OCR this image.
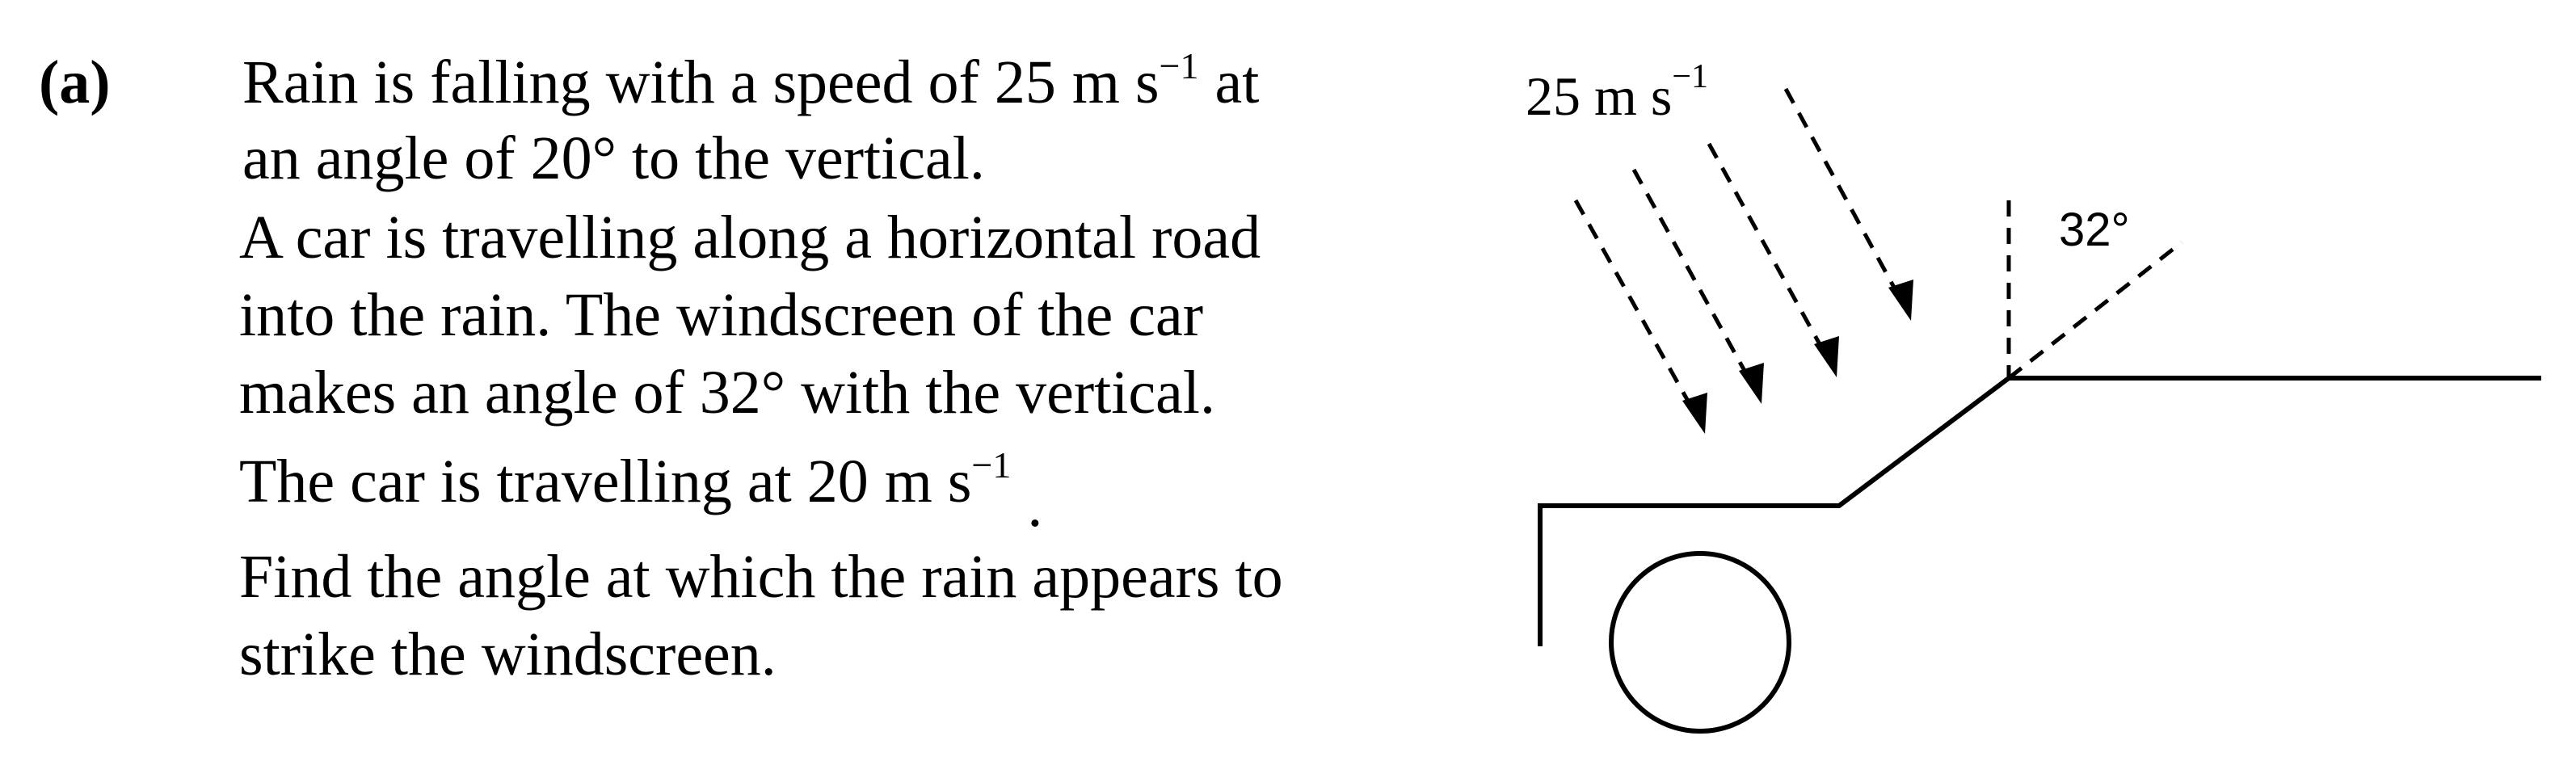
(a) Rain is falling with a speed of 25 m $s^{-1}$ at
an angle of 20° to the vertical.
A car is travelling along a horizontal road
into the rain. The windscreen of the car
makes an angle of 32° with the vertical.
The car is travelling at 20 m $s^{-1}$.
Find the angle at which the rain appears to
strike the windscreen.
25 m $s^{-1}$
32°
